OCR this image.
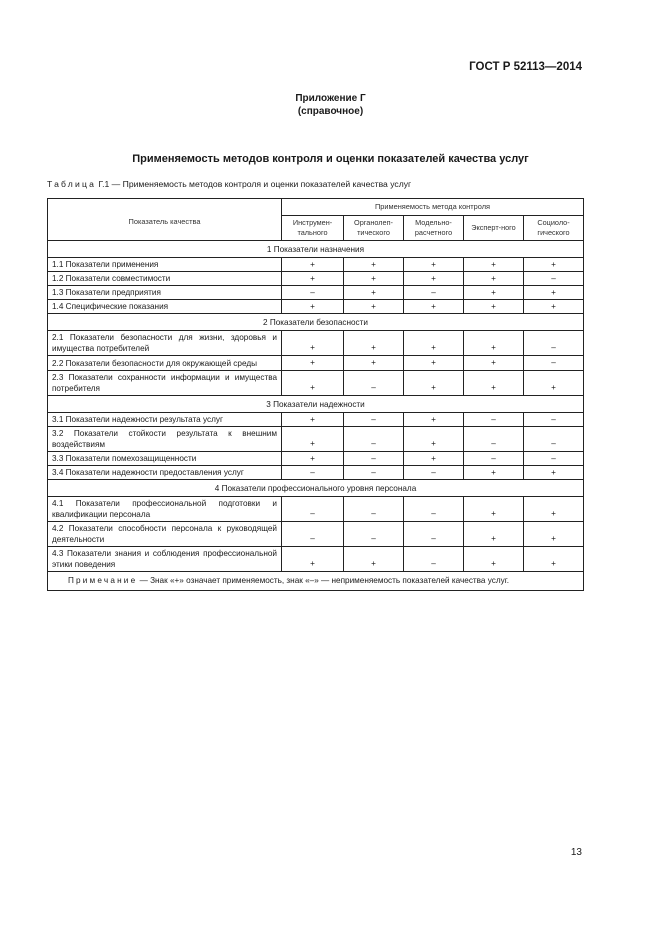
ГОСТ Р 52113—2014
Приложение Г
(справочное)
Применяемость методов контроля и оценки показателей качества услуг
Таблица Г.1 — Применяемость методов контроля и оценки показателей качества услуг
Показатель качества	Применяемость метода контроля				
	Инструмен-тального	Органолеп-тического	Модельно-расчетного	Эксперт-ного	Социоло-гического
1 Показатели назначения					
1.1 Показатели применения	+	+	+	+	+
1.2 Показатели совместимости	+	+	+	+	–
1.3 Показатели предприятия	–	+	–	+	+
1.4 Специфические показания	+	+	+	+	+
2 Показатели безопасности					
2.1 Показатели безопасности для жизни, здоровья и имущества потребителей	+	+	+	+	–
2.2 Показатели безопасности для окружающей среды	+	+	+	+	–
2.3 Показатели сохранности информации и имущества потребителя	+	–	+	+	+
3 Показатели надежности					
3.1 Показатели надежности результата услуг	+	–	+	–	–
3.2 Показатели стойкости результата к внешним воздействиям	+	–	+	–	–
3.3 Показатели помехозащищенности	+	–	+	–	–
3.4 Показатели надежности предоставления услуг	–	–	–	+	+
4 Показатели профессионального уровня персонала					
4.1 Показатели профессиональной подготовки и квалификации персонала	–	–	–	+	+
4.2 Показатели способности персонала к руководящей деятельности	–	–	–	+	+
4.3 Показатели знания и соблюдения профессиональной этики поведения	+	+	–	+	+
Примечание — Знак «+» означает применяемость, знак «–» — неприменяемость показателей качества услуг.					
13
